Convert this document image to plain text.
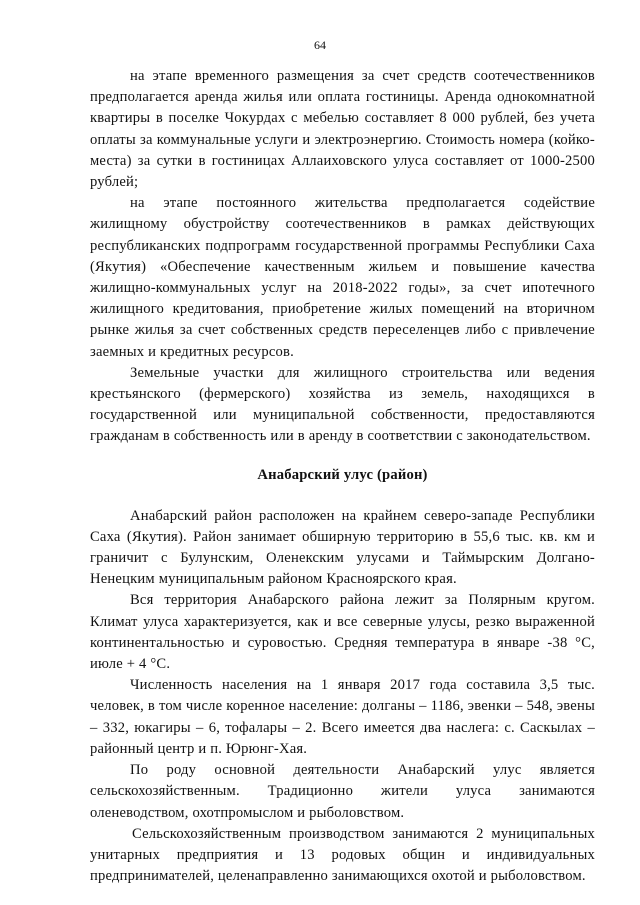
64

на этапе временного размещения за счет средств соотечественников предполагается аренда жилья или оплата гостиницы. Аренда однокомнатной квартиры в поселке Чокурдах с мебелью составляет 8 000 рублей, без учета оплаты за коммунальные услуги и электроэнергию. Стоимость номера (койко-места) за сутки в гостиницах Аллаиховского улуса составляет от 1000-2500 рублей;

на этапе постоянного жительства предполагается содействие жилищному обустройству соотечественников в рамках действующих республиканских подпрограмм государственной программы Республики Саха (Якутия) «Обеспечение качественным жильем и повышение качества жилищно-коммунальных услуг на 2018-2022 годы», за счет ипотечного жилищного кредитования, приобретение жилых помещений на вторичном рынке жилья за счет собственных средств переселенцев либо с привлечение заемных и кредитных ресурсов.

Земельные участки для жилищного строительства или ведения крестьянского (фермерского) хозяйства из земель, находящихся в государственной или муниципальной собственности, предоставляются гражданам в собственность или в аренду в соответствии с законодательством.

Анабарский улус (район)

Анабарский район расположен на крайнем северо-западе Республики Саха (Якутия). Район занимает обширную территорию в 55,6 тыс. кв. км и граничит с Булунским, Оленекским улусами и Таймырским Долгано-Ненецким муниципальным районом Красноярского края.

Вся территория Анабарского района лежит за Полярным кругом. Климат улуса характеризуется, как и все северные улусы, резко выраженной континентальностью и суровостью. Средняя температура в январе -38 °С, июле + 4 °С.

Численность населения на 1 января 2017 года составила 3,5 тыс. человек, в том числе коренное население: долганы – 1186, эвенки – 548, эвены – 332, юкагиры – 6, тофалары – 2. Всего имеется два наслега: с. Саскылах – районный центр и п. Юрюнг-Хая.

По роду основной деятельности Анабарский улус является сельскохозяйственным. Традиционно жители улуса занимаются оленеводством, охотпромыслом и рыболовством.

Сельскохозяйственным производством занимаются 2 муниципальных унитарных предприятия и 13 родовых общин и индивидуальных предпринимателей, целенаправленно занимающихся охотой и рыболовством.
